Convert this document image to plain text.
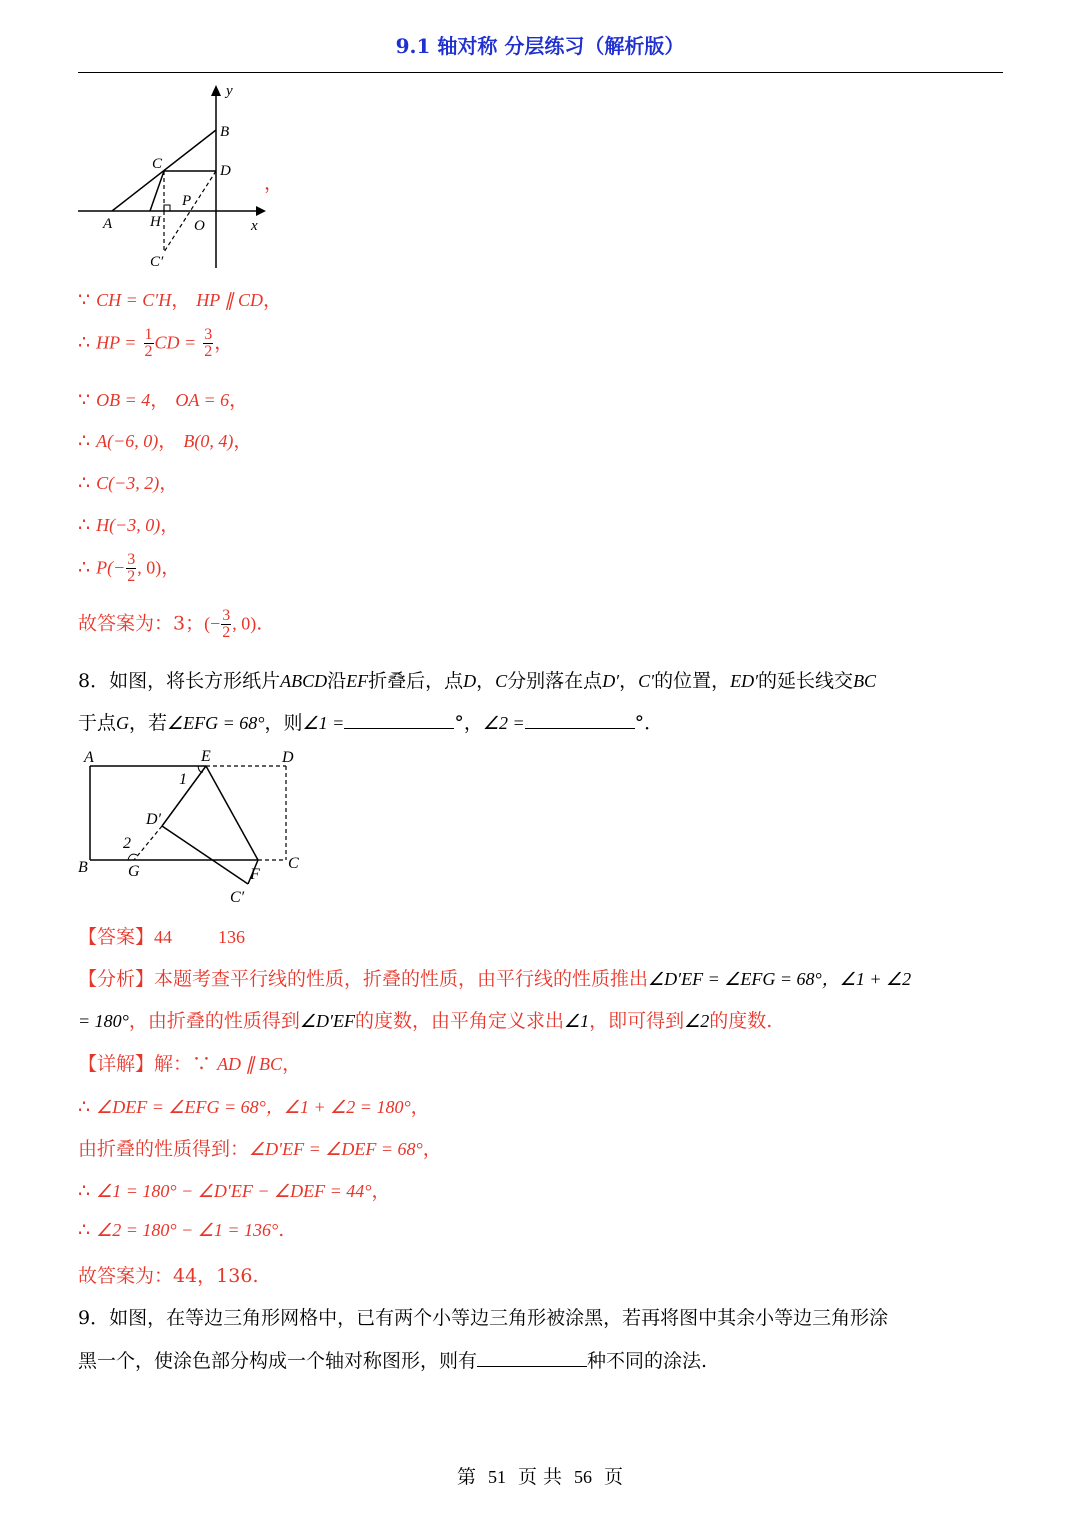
9.1 轴对称 分层练习（解析版）
y
x
B
C	D
A	H
P
O
C′
，
∵ CH = C′H， HP ∥ CD，
∴ HP = $\frac{1}{2}$ CD = $\frac{3}{2}$ ，
∵ OB = 4， OA = 6，
∴ A(−6, 0)， B(0, 4)，
∴ C(−3, 2)，
∴ H(−3, 0)，
∴ $P(- \frac{3}{2}$ , 0)，
故答案为：3；(− $\frac{3}{2}$ , 0).
8．如图，将长方形纸片ABCD沿EF折叠后，点D，C分别落在点D′，C′的位置，ED′的延长线交BC
于点G，若∠EFG = 68°，则∠1 =	°，∠2 =	°．
A	E	D
1
D′
2
B	G	F
C
C′
【答案】44	136
【分析】本题考查平行线的性质，折叠的性质，由平行线的性质推出∠D′EF = ∠EFG = 68°，∠1 + ∠2
= 180°，由折叠的性质得到∠D′EF的度数，由平角定义求出∠1，即可得到∠2的度数.
【详解】解：∵ AD ∥ BC，
∴ ∠DEF = ∠EFG = 68°，∠1 + ∠2 = 180°，
由折叠的性质得到：∠D′EF = ∠DEF = 68°，
∴ ∠1 = 180° − ∠D′EF − ∠DEF = 44°，
∴ ∠2 = 180° − ∠1 = 136°.
故答案为：44，136.
9．如图，在等边三角形网格中，已有两个小等边三角形被涂黑，若再将图中其余小等边三角形涂
黑一个，使涂色部分构成一个轴对称图形，则有	种不同的涂法.
第 51 页 共 56 页
